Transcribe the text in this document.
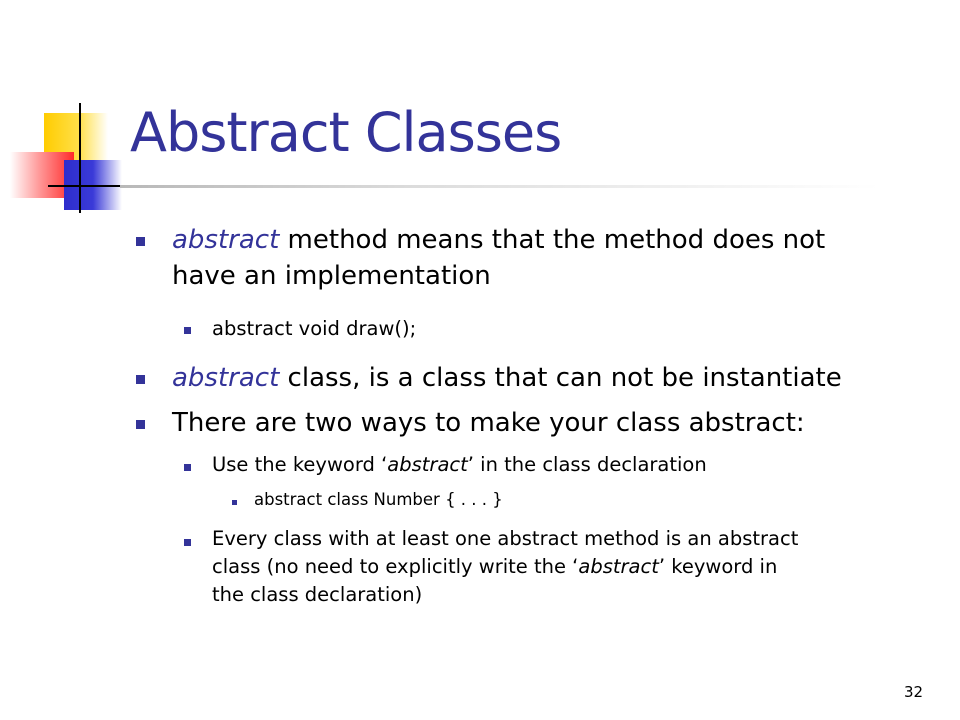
Abstract Classes
abstract method means that the method does not
have an implementation
abstract void draw();
abstract class, is a class that can not be instantiate
There are two ways to make your class abstract:
Use the keyword ‘abstract’ in the class declaration
abstract class Number { . . . }
Every class with at least one abstract method is an abstract
class (no need to explicitly write the ‘abstract’ keyword in
the class declaration)
32
